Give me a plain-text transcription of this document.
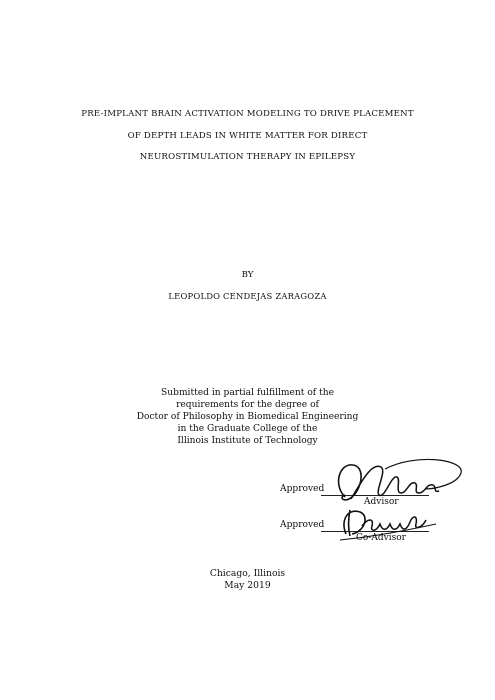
PRE-IMPLANT BRAIN ACTIVATION MODELING TO DRIVE PLACEMENT
OF DEPTH LEADS IN WHITE MATTER FOR DIRECT
NEUROSTIMULATION THERAPY IN EPILEPSY
BY
LEOPOLDO CENDEJAS ZARAGOZA
Submitted in partial fulfillment of the
requirements for the degree of
Doctor of Philosophy in Biomedical Engineering
in the Graduate College of the
Illinois Institute of Technology
Approved
Advisor
Approved
Co-Advisor
Chicago, Illinois
May 2019
